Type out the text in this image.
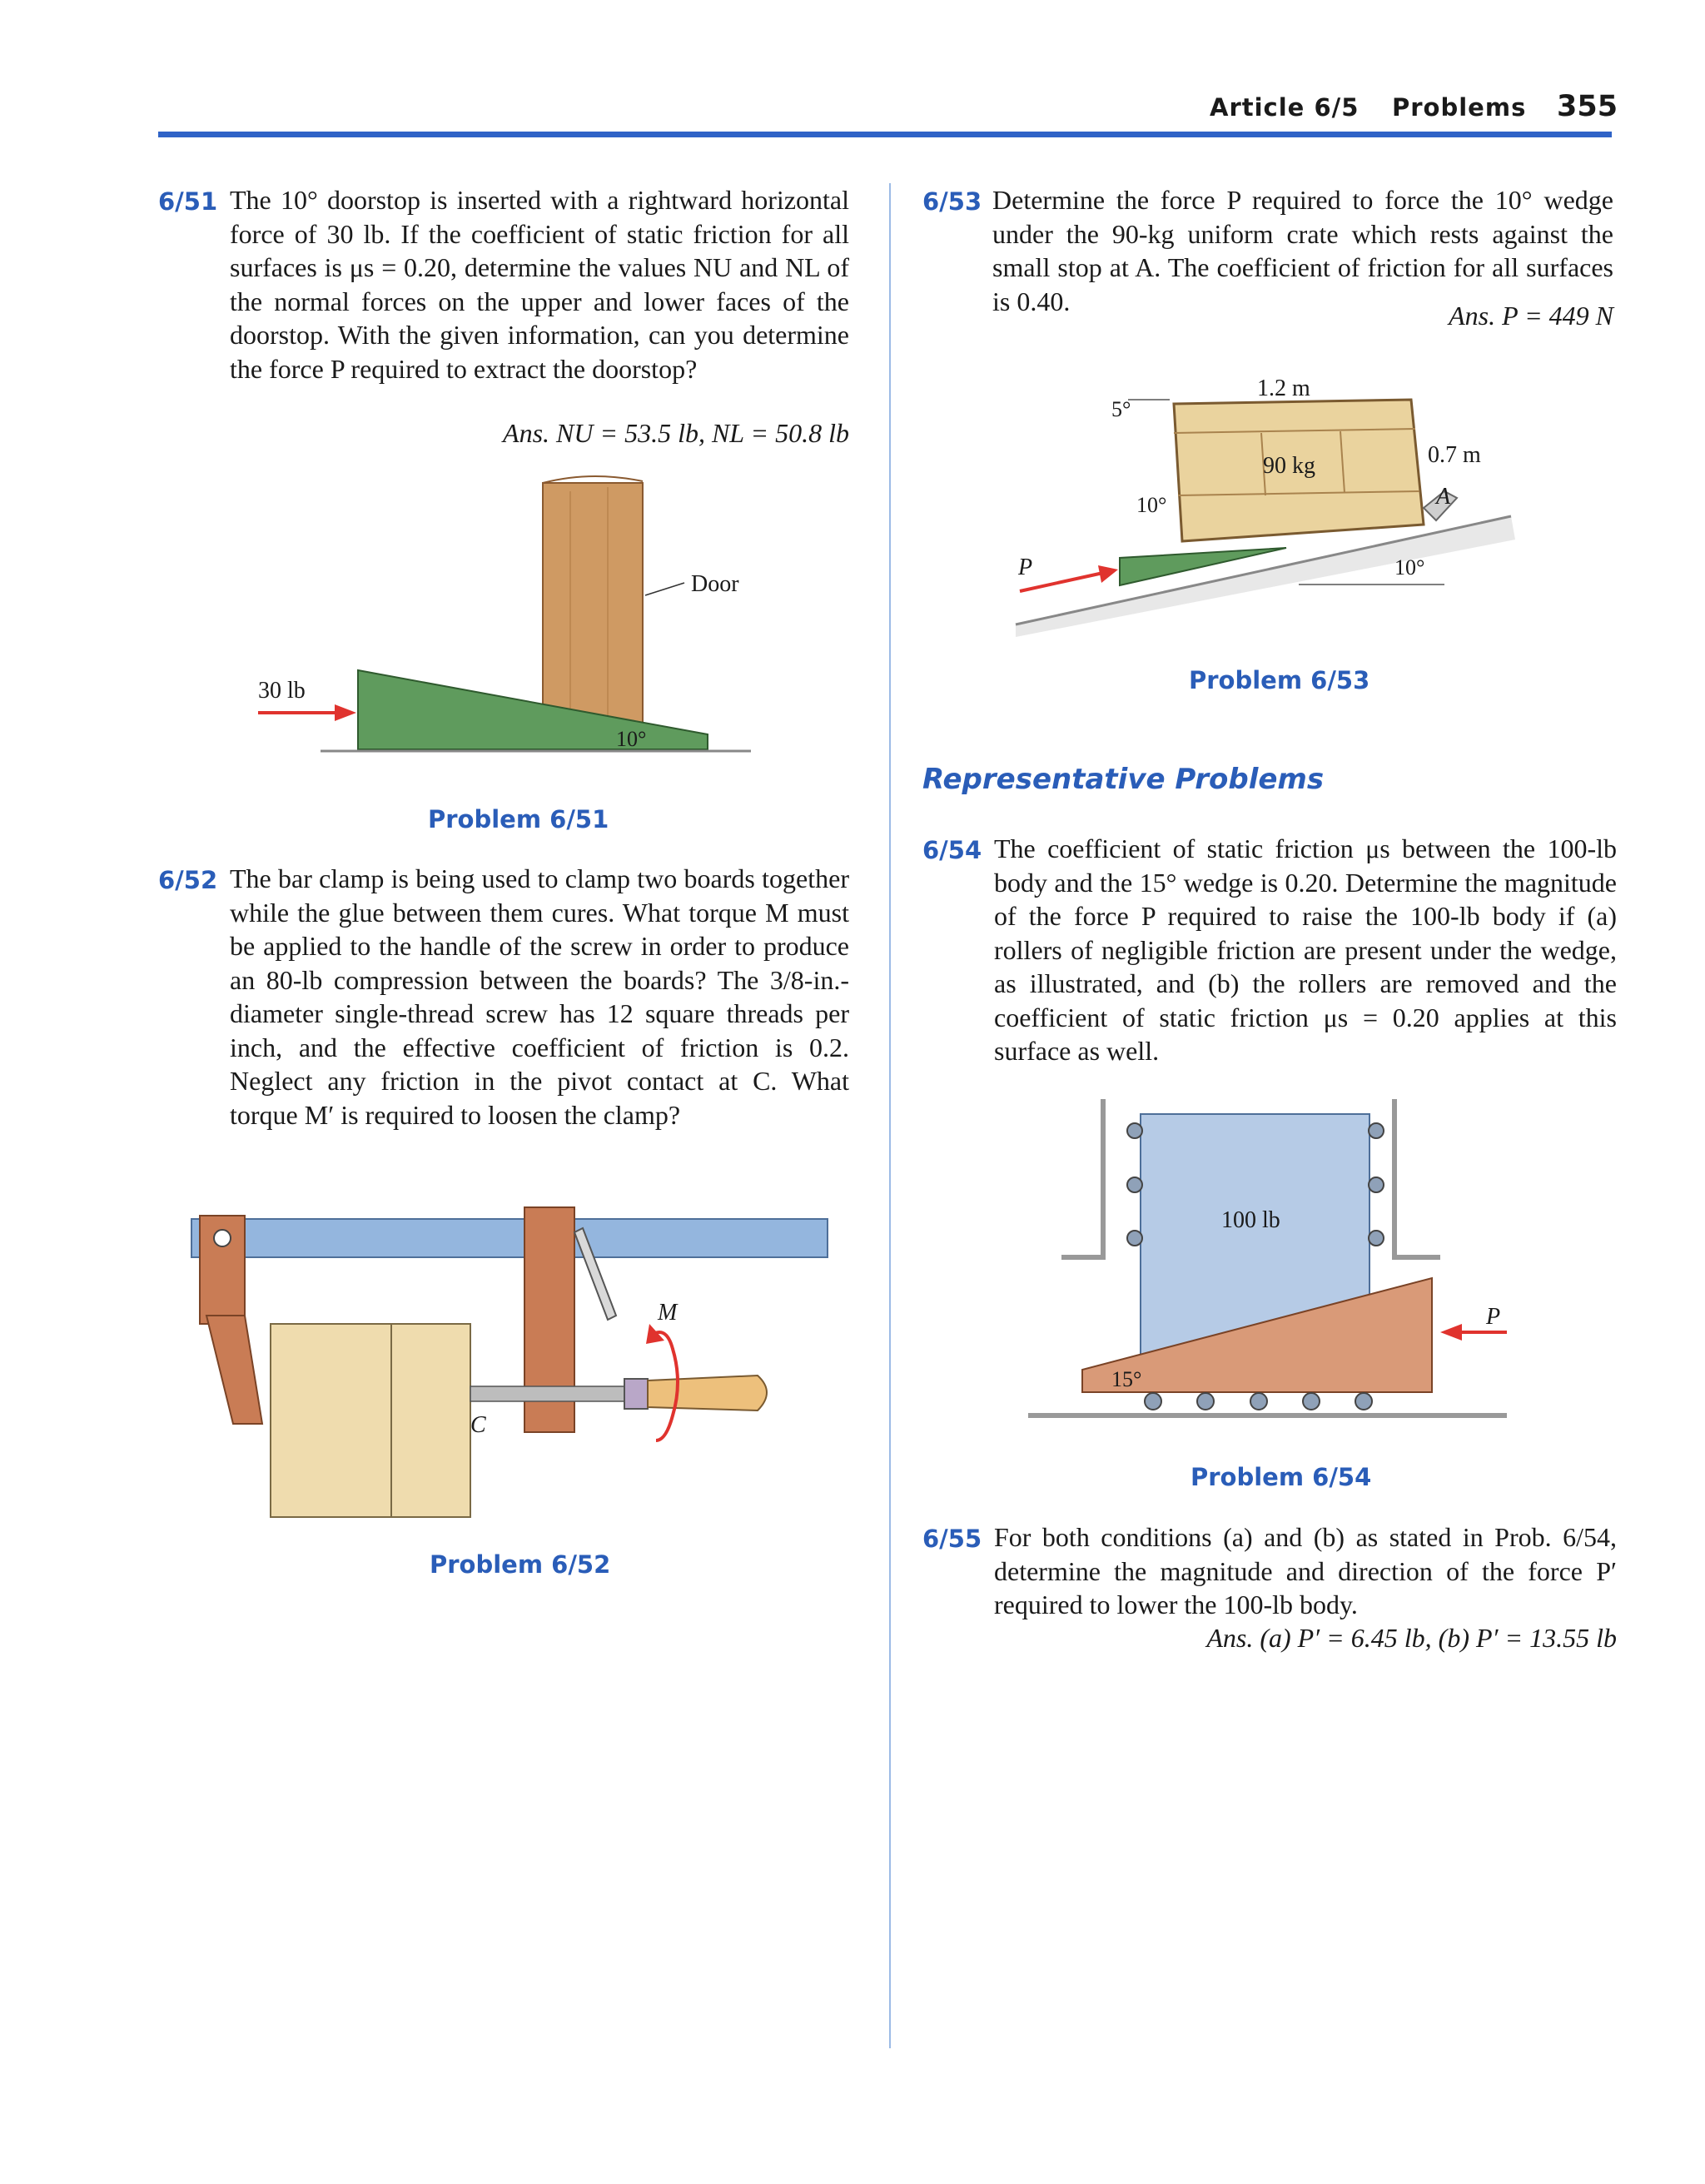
Article 6/5 Problems 355
6/51 The 10° doorstop is inserted with a rightward horizontal force of 30 lb. If the coefficient of static friction for all surfaces is μs = 0.20, determine the values NU and NL of the normal forces on the upper and lower faces of the doorstop. With the given information, can you determine the force P required to extract the doorstop?
Ans. NU = 53.5 lb, NL = 50.8 lb
30 lb
10°
Door
Problem 6/51
6/52 The bar clamp is being used to clamp two boards together while the glue between them cures. What torque M must be applied to the handle of the screw in order to produce an 80-lb compression between the boards? The 3/8-in.-diameter single-thread screw has 12 square threads per inch, and the effective coefficient of friction is 0.2. Neglect any friction in the pivot contact at C. What torque M′ is required to loosen the clamp?
M
C
Problem 6/52
6/53 Determine the force P required to force the 10° wedge under the 90-kg uniform crate which rests against the small stop at A. The coefficient of friction for all surfaces is 0.40.	Ans. P = 449 N
P
1.2 m
0.7 m
90 kg
A
5°
10°
10°
Problem 6/53
Representative Problems
6/54 The coefficient of static friction μs between the 100-lb body and the 15° wedge is 0.20. Determine the magnitude of the force P required to raise the 100-lb body if (a) rollers of negligible friction are present under the wedge, as illustrated, and (b) the rollers are removed and the coefficient of static friction μs = 0.20 applies at this surface as well.
P
100 lb
15°
Problem 6/54
6/55 For both conditions (a) and (b) as stated in Prob. 6/54, determine the magnitude and direction of the force P′ required to lower the 100-lb body.
Ans. (a) P′ = 6.45 lb, (b) P′ = 13.55 lb
